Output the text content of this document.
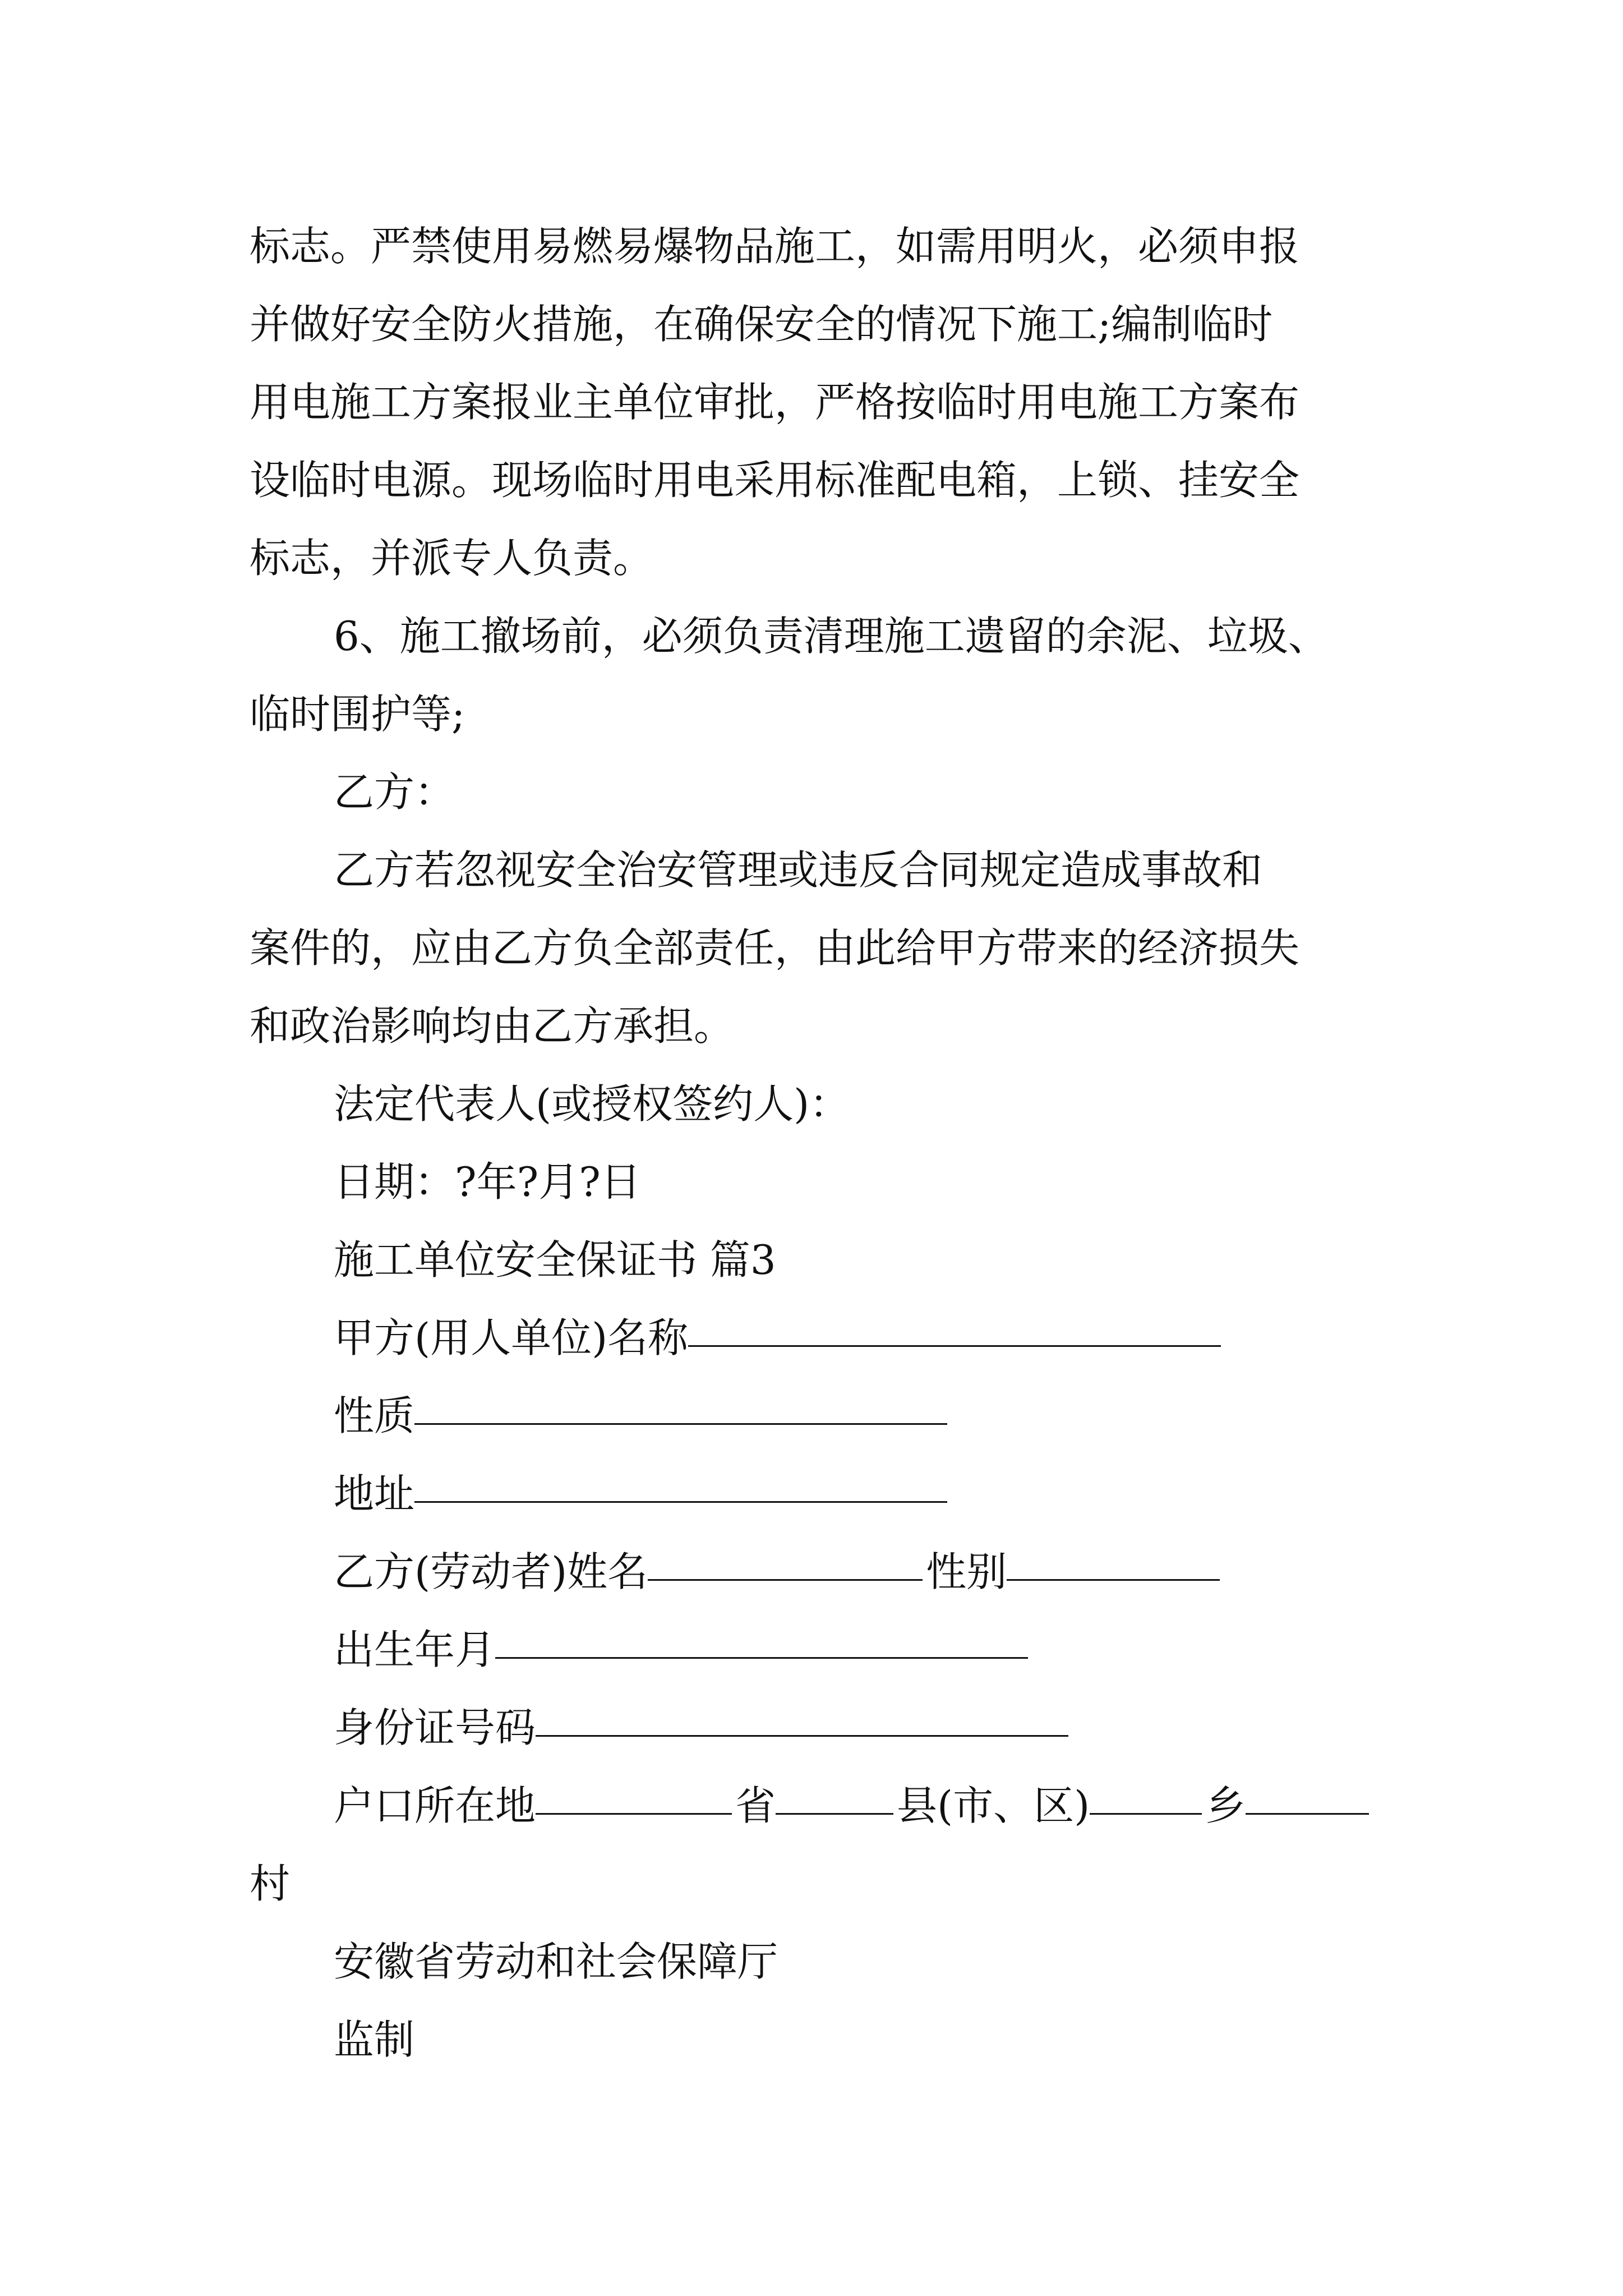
标志。严禁使用易燃易爆物品施工，如需用明火，必须申报
并做好安全防火措施，在确保安全的情况下施工;编制临时
用电施工方案报业主单位审批，严格按临时用电施工方案布
设临时电源。现场临时用电采用标准配电箱，上锁、挂安全
标志，并派专人负责。
6、施工撤场前，必须负责清理施工遗留的余泥、垃圾、
临时围护等;
乙方：
乙方若忽视安全治安管理或违反合同规定造成事故和
案件的，应由乙方负全部责任，由此给甲方带来的经济损失
和政治影响均由乙方承担。
法定代表人(或授权签约人)：
日期：?年?月?日
施工单位安全保证书 篇3
甲方(用人单位)名称
性质
地址
乙方(劳动者)姓名	性别
出生年月
身份证号码
户口所在地	省	县(市、区)	乡
村
安徽省劳动和社会保障厅
监制
